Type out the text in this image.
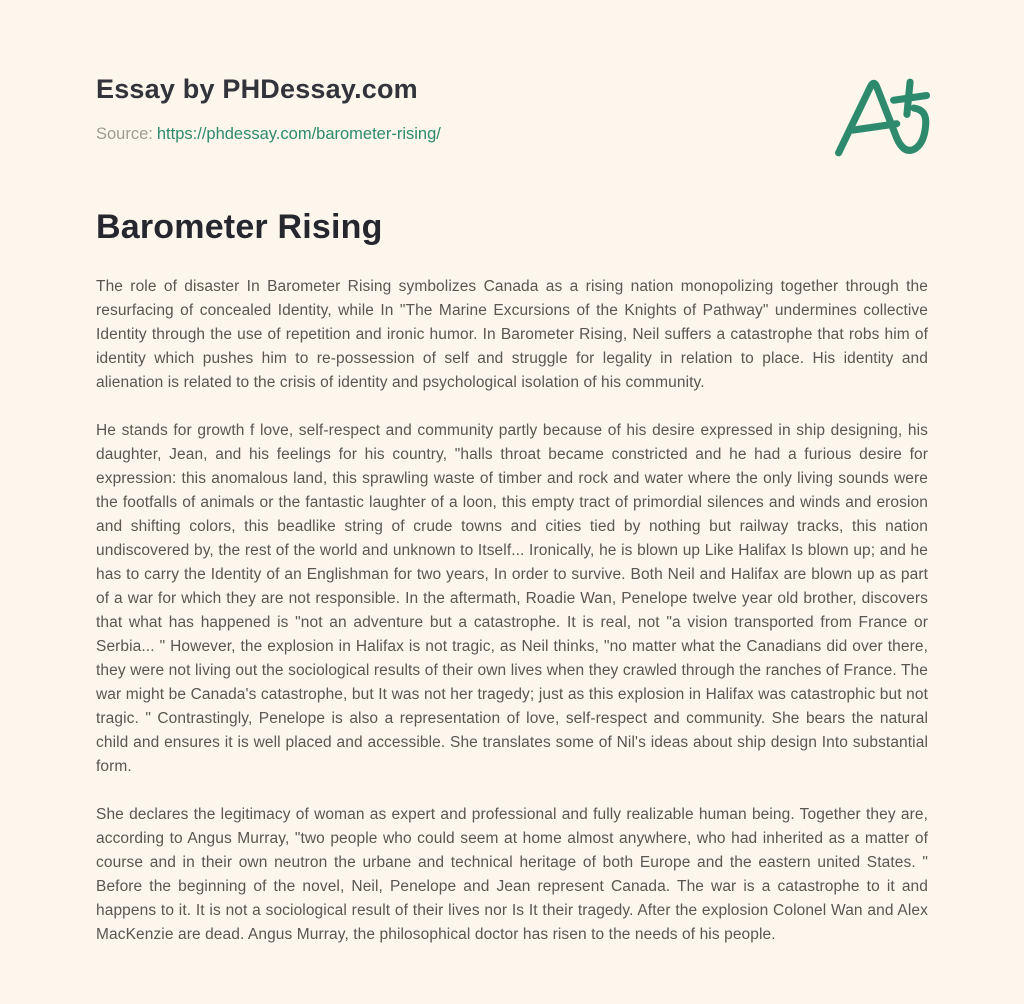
Essay by PHDessay.com
Source: https://phdessay.com/barometer-rising/
Barometer Rising

The role of disaster In Barometer Rising symbolizes Canada as a rising nation monopolizing together through the resurfacing of concealed Identity, while In "The Marine Excursions of the Knights of Pathway" undermines collective Identity through the use of repetition and ironic humor. In Barometer Rising, Neil suffers a catastrophe that robs him of identity which pushes him to re-possession of self and struggle for legality in relation to place. His identity and alienation is related to the crisis of identity and psychological isolation of his community.

He stands for growth f love, self-respect and community partly because of his desire expressed in ship designing, his daughter, Jean, and his feelings for his country, "halls throat became constricted and he had a furious desire for expression: this anomalous land, this sprawling waste of timber and rock and water where the only living sounds were the footfalls of animals or the fantastic laughter of a loon, this empty tract of primordial silences and winds and erosion and shifting colors, this beadlike string of crude towns and cities tied by nothing but railway tracks, this nation undiscovered by, the rest of the world and unknown to Itself... Ironically, he is blown up Like Halifax Is blown up; and he has to carry the Identity of an Englishman for two years, In order to survive. Both Neil and Halifax are blown up as part of a war for which they are not responsible. In the aftermath, Roadie Wan, Penelope twelve year old brother, discovers that what has happened is "not an adventure but a catastrophe. It is real, not "a vision transported from France or Serbia... " However, the explosion in Halifax is not tragic, as Neil thinks, "no matter what the Canadians did over there, they were not living out the sociological results of their own lives when they crawled through the ranches of France. The war might be Canada's catastrophe, but It was not her tragedy; just as this explosion in Halifax was catastrophic but not tragic. " Contrastingly, Penelope is also a representation of love, self-respect and community. She bears the natural child and ensures it is well placed and accessible. She translates some of Nil's ideas about ship design Into substantial form.

She declares the legitimacy of woman as expert and professional and fully realizable human being. Together they are, according to Angus Murray, "two people who could seem at home almost anywhere, who had inherited as a matter of course and in their own neutron the urbane and technical heritage of both Europe and the eastern united States. " Before the beginning of the novel, Neil, Penelope and Jean represent Canada. The war is a catastrophe to it and happens to it. It is not a sociological result of their lives nor Is It their tragedy. After the explosion Colonel Wan and Alex MacKenzie are dead. Angus Murray, the philosophical doctor has risen to the needs of his people.
